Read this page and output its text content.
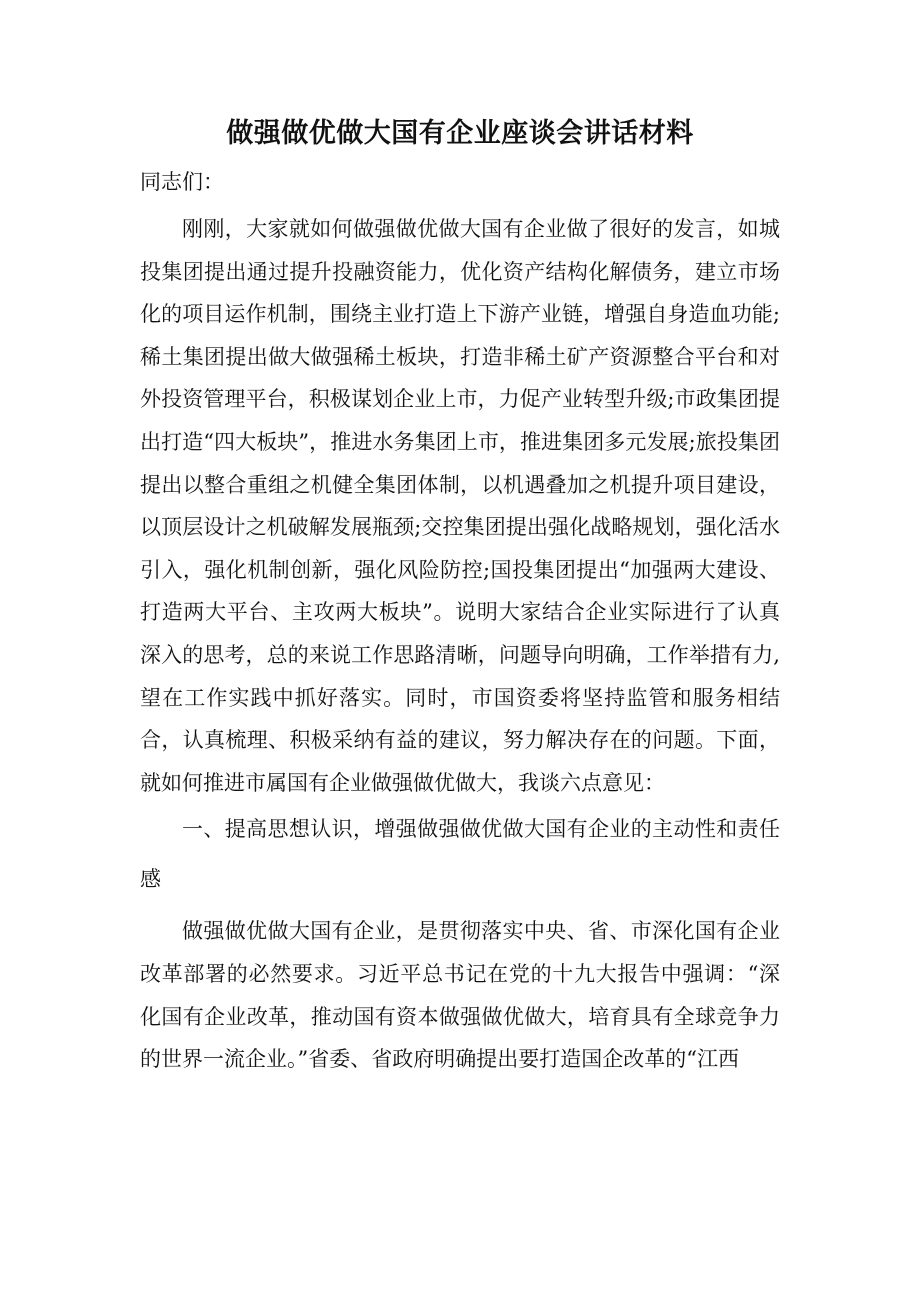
做强做优做大国有企业座谈会讲话材料

同志们：

刚刚，大家就如何做强做优做大国有企业做了很好的发言，如城投集团提出通过提升投融资能力，优化资产结构化解债务，建立市场化的项目运作机制，围绕主业打造上下游产业链，增强自身造血功能;稀土集团提出做大做强稀土板块，打造非稀土矿产资源整合平台和对外投资管理平台，积极谋划企业上市，力促产业转型升级;市政集团提出打造“四大板块”，推进水务集团上市，推进集团多元发展;旅投集团提出以整合重组之机健全集团体制，以机遇叠加之机提升项目建设，以顶层设计之机破解发展瓶颈;交控集团提出强化战略规划，强化活水引入，强化机制创新，强化风险防控;国投集团提出“加强两大建设、打造两大平台、主攻两大板块”。说明大家结合企业实际进行了认真深入的思考，总的来说工作思路清晰，问题导向明确，工作举措有力,望在工作实践中抓好落实。同时，市国资委将坚持监管和服务相结合，认真梳理、积极采纳有益的建议，努力解决存在的问题。下面，就如何推进市属国有企业做强做优做大，我谈六点意见：

一、提高思想认识，增强做强做优做大国有企业的主动性和责任感

做强做优做大国有企业，是贯彻落实中央、省、市深化国有企业改革部署的必然要求。习近平总书记在党的十九大报告中强调：“深化国有企业改革，推动国有资本做强做优做大，培育具有全球竞争力的世界一流企业。”省委、省政府明确提出要打造国企改革的“江西
